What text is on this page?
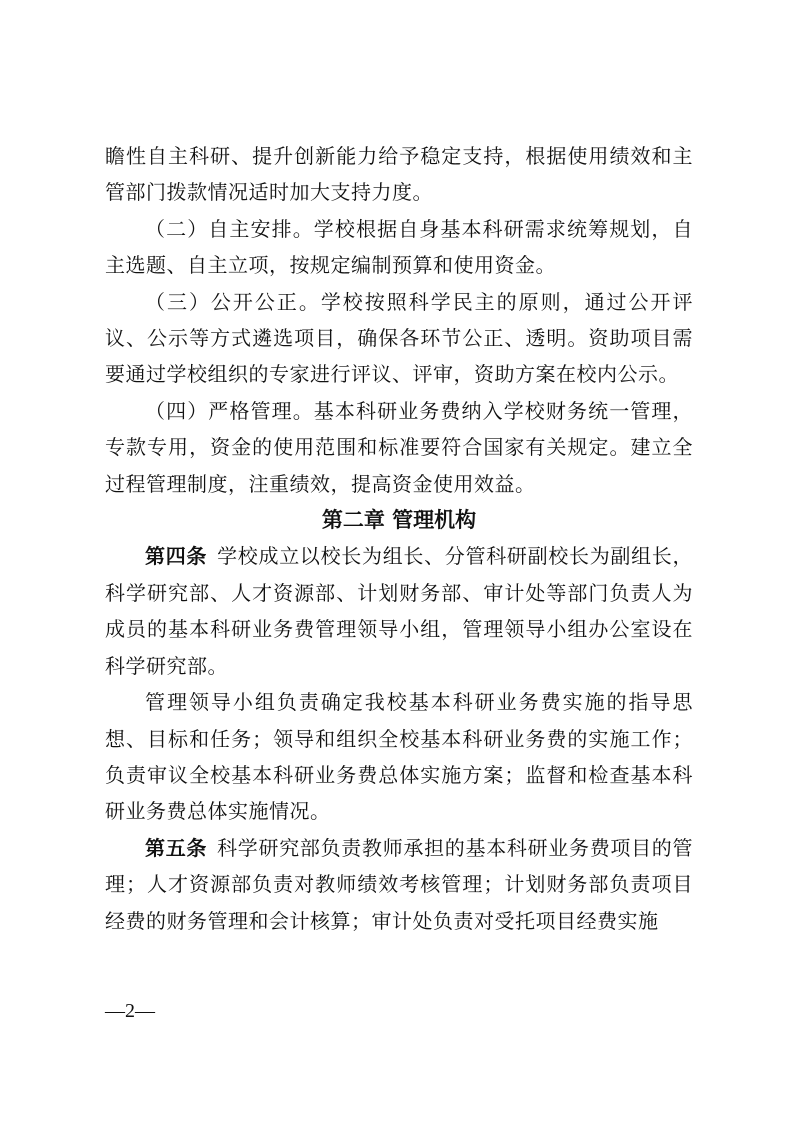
瞻性自主科研、提升创新能力给予稳定支持，根据使用绩效和主管部门拨款情况适时加大支持力度。

（二）自主安排。学校根据自身基本科研需求统筹规划，自主选题、自主立项，按规定编制预算和使用资金。

（三）公开公正。学校按照科学民主的原则，通过公开评议、公示等方式遴选项目，确保各环节公正、透明。资助项目需要通过学校组织的专家进行评议、评审，资助方案在校内公示。

（四）严格管理。基本科研业务费纳入学校财务统一管理，专款专用，资金的使用范围和标准要符合国家有关规定。建立全过程管理制度，注重绩效，提高资金使用效益。

第二章 管理机构

第四条 学校成立以校长为组长、分管科研副校长为副组长，科学研究部、人才资源部、计划财务部、审计处等部门负责人为成员的基本科研业务费管理领导小组，管理领导小组办公室设在科学研究部。

管理领导小组负责确定我校基本科研业务费实施的指导思想、目标和任务；领导和组织全校基本科研业务费的实施工作；负责审议全校基本科研业务费总体实施方案；监督和检查基本科研业务费总体实施情况。

第五条 科学研究部负责教师承担的基本科研业务费项目的管理；人才资源部负责对教师绩效考核管理；计划财务部负责项目经费的财务管理和会计核算；审计处负责对受托项目经费实施

—2—
